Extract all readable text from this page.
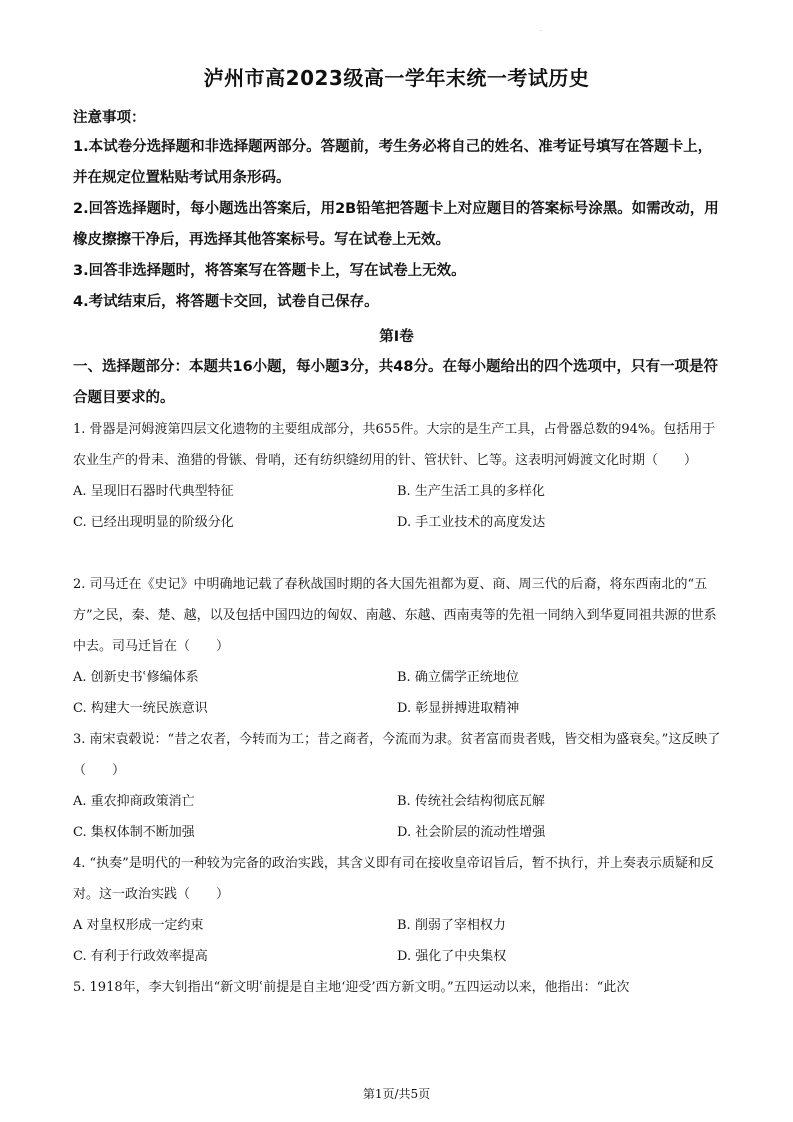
·
泸州市高2023级高一学年末统一考试历史
注意事项：

1.本试卷分选择题和非选择题两部分。答题前，考生务必将自己的姓名、准考证号填写在答题卡上，并在规定位置粘贴考试用条形码。

2.回答选择题时，每小题选出答案后，用2B铅笔把答题卡上对应题目的答案标号涂黑。如需改动，用橡皮擦擦干净后，再选择其他答案标号。写在试卷上无效。

3.回答非选择题时，将答案写在答题卡上，写在试卷上无效。

4.考试结束后，将答题卡交回，试卷自己保存。

第Ⅰ卷

一、选择题部分：本题共16小题，每小题3分，共48分。在每小题给出的四个选项中，只有一项是符合题目要求的。

1. 骨器是河姆渡第四层文化遗物的主要组成部分，共655件。大宗的是生产工具，占骨器总数的94%。包括用于农业生产的骨耒、渔猎的骨镞、骨哨，还有纺织缝纫用的针、管状针、匕等。这表明河姆渡文化时期（　　）

A. 呈现旧石器时代典型特征	B. 生产生活工具的多样化
C. 已经出现明显的阶级分化	D. 手工业技术的高度发达

2. 司马迁在《史记》中明确地记载了春秋战国时期的各大国先祖都为夏、商、周三代的后裔，将东西南北的“五方”之民，秦、楚、越，以及包括中国四边的匈奴、南越、东越、西南夷等的先祖一同纳入到华夏同祖共源的世系中去。司马迁旨在（　　）

A. 创新史书ʿ修编体系	B. 确立儒学正统地位
C. 构建大一统民族意识	D. 彰显拼搏进取精神

3. 南宋袁毂说：“昔之农者，今转而为工；昔之商者，今流而为隶。贫者富而贵者贱，皆交相为盛衰矣。”这反映了（　　）

A. 重农抑商政策消亡	B. 传统社会结构彻底瓦解
C. 集权体制不断加强	D. 社会阶层的流动性增强

4. “执奏”是明代的一种较为完备的政治实践，其含义即有司在接收皇帝诏旨后，暂不执行，并上奏表示质疑和反对。这一政治实践（　　）

A 对皇权形成一定约束	B. 削弱了宰相权力
C. 有利于行政效率提高	D. 强化了中央集权

5. 1918年，李大钊指出“新文明ʿ前提是自主地‘迎受’西方新文明。”五四运动以来，他指出：“此次

第1页/共5页
